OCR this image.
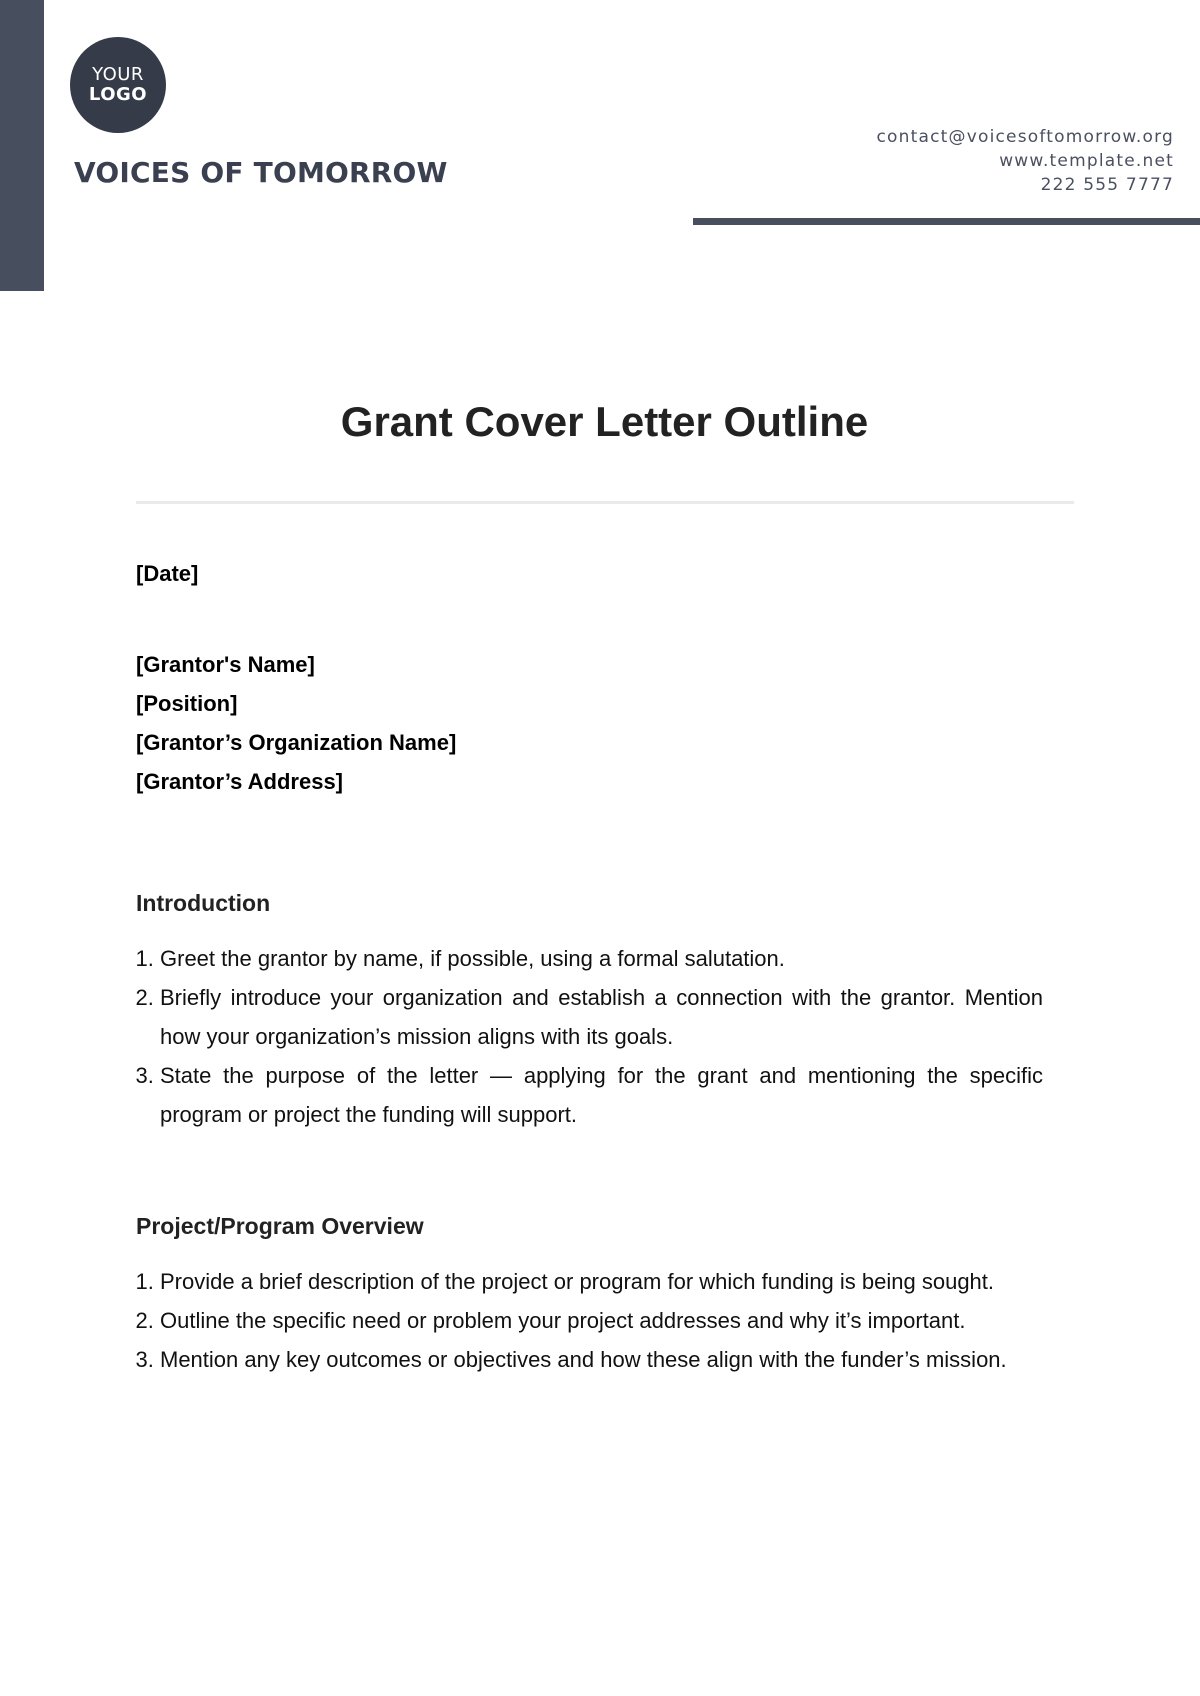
YOUR
LOGO
VOICES OF TOMORROW
contact@voicesoftomorrow.org
www.template.net
222 555 7777
Grant Cover Letter Outline
[Date]
[Grantor's Name]
[Position]
[Grantor’s Organization Name]
[Grantor’s Address]
Introduction
1. Greet the grantor by name, if possible, using a formal salutation.
2. Briefly introduce your organization and establish a connection with the grantor. Mention how your organization’s mission aligns with its goals.
3. State the purpose of the letter — applying for the grant and mentioning the specific program or project the funding will support.
Project/Program Overview
1. Provide a brief description of the project or program for which funding is being sought.
2. Outline the specific need or problem your project addresses and why it’s important.
3. Mention any key outcomes or objectives and how these align with the funder’s mission.
